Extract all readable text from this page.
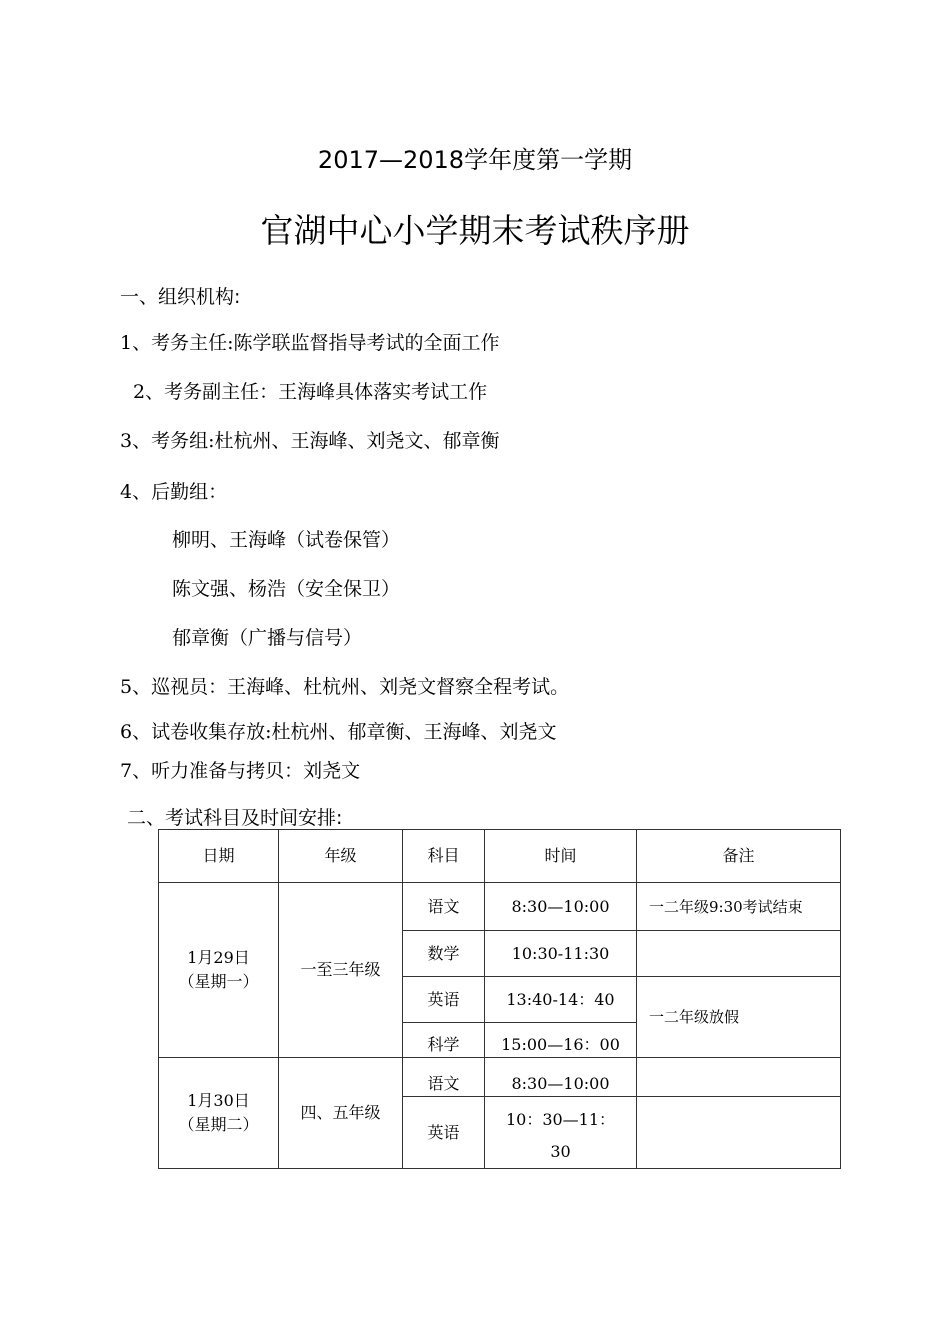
2017—2018学年度第一学期
官湖中心小学期末考试秩序册
一、组织机构:
1、考务主任:陈学联监督指导考试的全面工作
2、考务副主任：王海峰具体落实考试工作
3、考务组:杜杭州、王海峰、刘尧文、郁章衡
4、后勤组：
柳明、王海峰（试卷保管）
陈文强、杨浩（安全保卫）
郁章衡（广播与信号）
5、巡视员：王海峰、杜杭州、刘尧文督察全程考试。
6、试卷收集存放:杜杭州、郁章衡、王海峰、刘尧文
7、听力准备与拷贝：刘尧文
二、考试科目及时间安排:
日期	年级	科目	时间	备注

1月29日
（星期一）	一至三年级	语文	8:30—10:00	一二年级9:30考试结束
		数学	10:30-11:30	
		英语	13:40-14：40	一二年级放假
		科学	15:00—16：00	

1月30日
（星期二）	四、五年级	语文	8:30—10:00	
		英语	10：30—11：
30	
